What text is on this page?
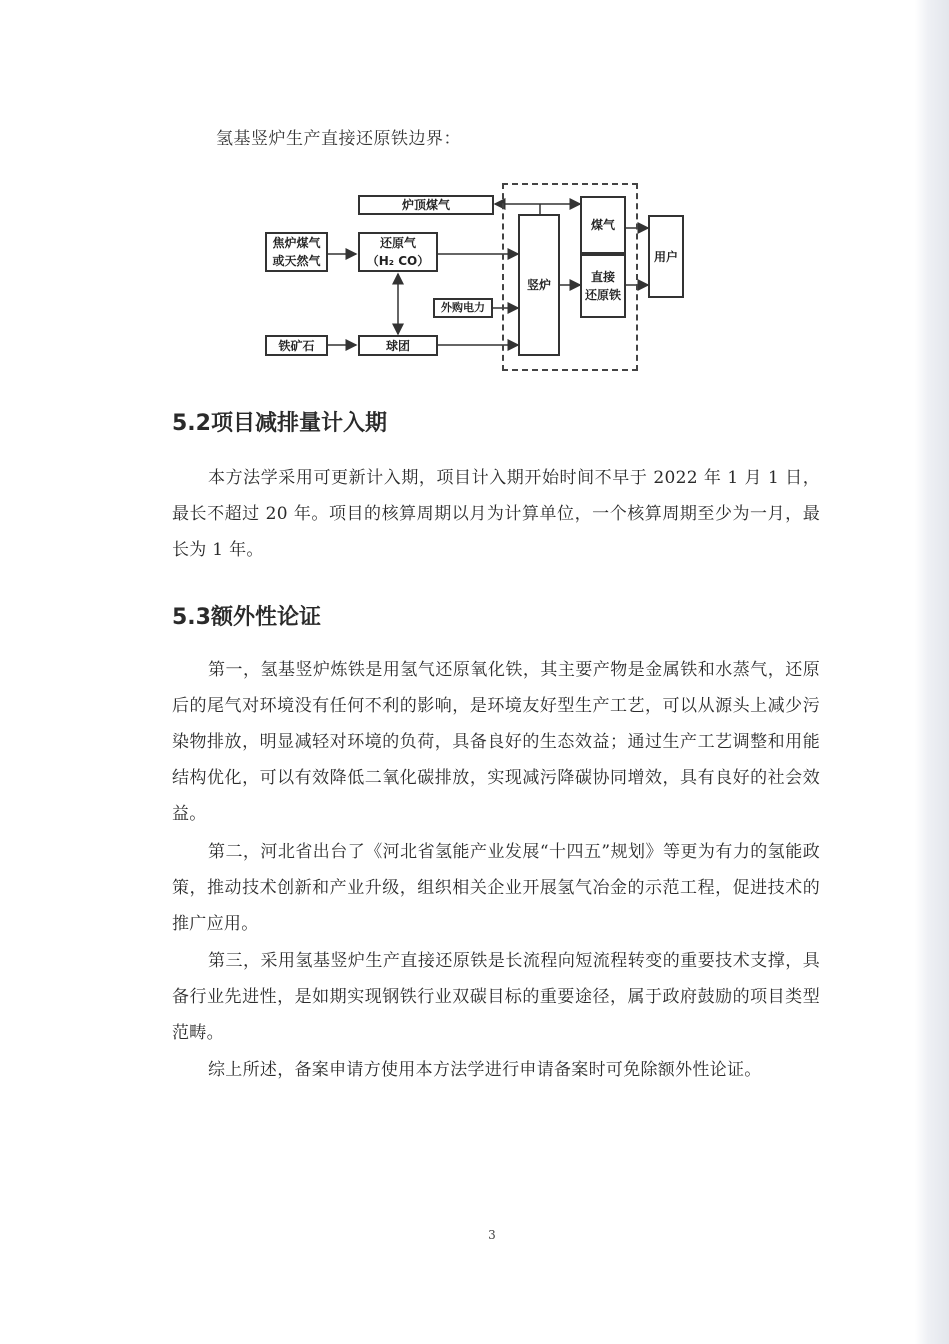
氢基竖炉生产直接还原铁边界：
炉顶煤气
焦炉煤气
或天然气
还原气
（H₂ CO）
外购电力
铁矿石	球团
竖炉
煤气
直接
还原铁
用户
5.2项目减排量计入期
本方法学采用可更新计入期，项目计入期开始时间不早于 2022 年 1 月 1 日，最长不超过 20 年。项目的核算周期以月为计算单位，一个核算周期至少为一月，最长为 1 年。
5.3额外性论证
第一，氢基竖炉炼铁是用氢气还原氧化铁，其主要产物是金属铁和水蒸气，还原后的尾气对环境没有任何不利的影响，是环境友好型生产工艺，可以从源头上减少污染物排放，明显减轻对环境的负荷，具备良好的生态效益；通过生产工艺调整和用能结构优化，可以有效降低二氧化碳排放，实现减污降碳协同增效，具有良好的社会效益。
第二，河北省出台了《河北省氢能产业发展“十四五”规划》等更为有力的氢能政策，推动技术创新和产业升级，组织相关企业开展氢气冶金的示范工程，促进技术的推广应用。
第三，采用氢基竖炉生产直接还原铁是长流程向短流程转变的重要技术支撑，具备行业先进性，是如期实现钢铁行业双碳目标的重要途径，属于政府鼓励的项目类型范畴。
综上所述，备案申请方使用本方法学进行申请备案时可免除额外性论证。
3
